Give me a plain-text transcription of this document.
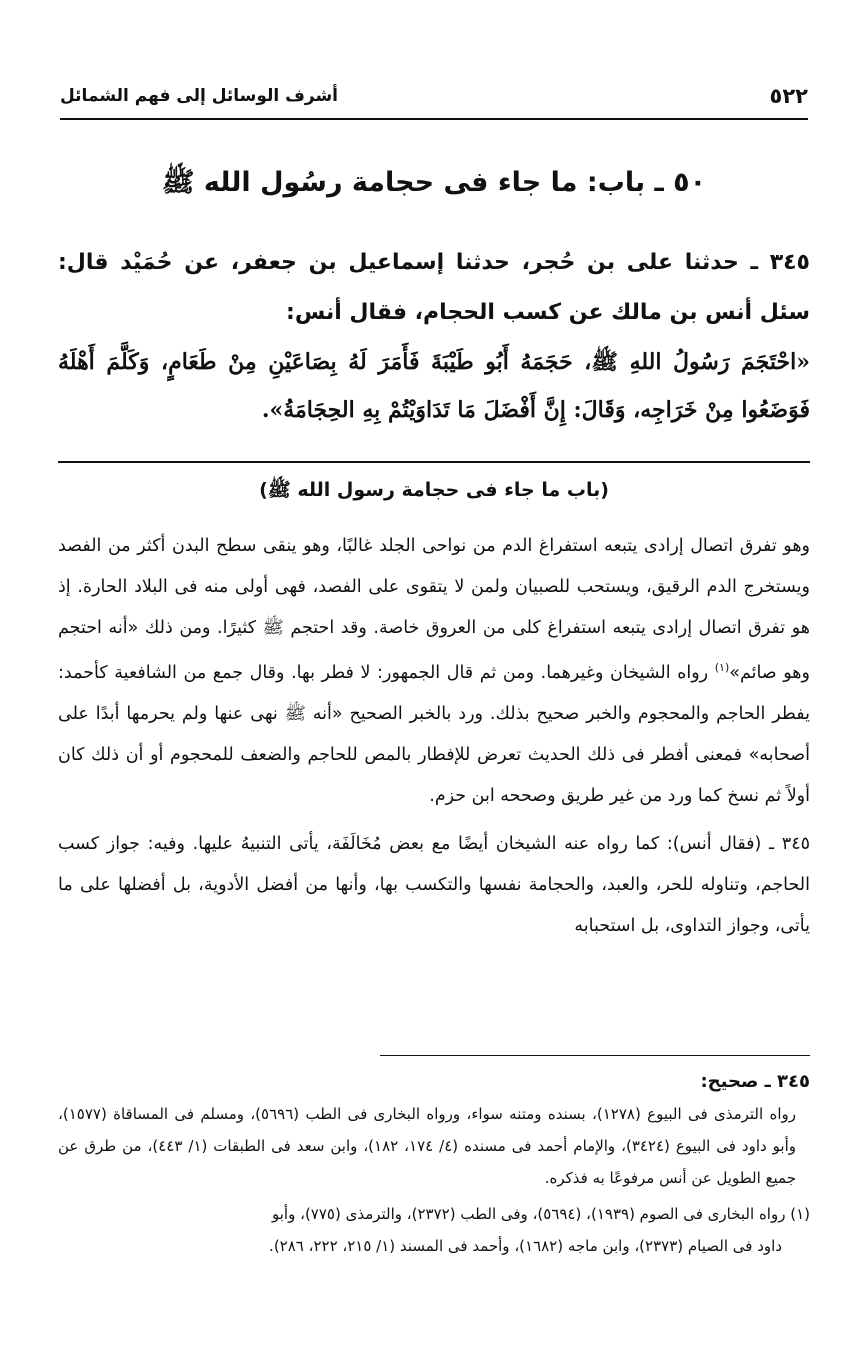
٥٢٢
أشرف الوسائل إلى فهم الشمائل
٥٠ ـ باب: ما جاء فى حجامة رسُول الله ﷺ

٣٤٥ ـ حدثنا على بن حُجر، حدثنا إسماعيل بن جعفر، عن حُمَيْد قال: سئل أنس بن مالك عن كسب الحجام، فقال أنس:

«احْتَجَمَ رَسُولُ اللهِ ﷺ، حَجَمَهُ أَبُو طَيْبَةَ فَأَمَرَ لَهُ بِصَاعَيْنِ مِنْ طَعَامٍ، وَكَلَّمَ أَهْلَهُ فَوَضَعُوا مِنْ خَرَاجِه، وَقَالَ: إِنَّ أَفْضَلَ مَا تَدَاوَيْتُمْ بِهِ الحِجَامَةُ».

(باب ما جاء فى حجامة رسول الله ﷺ)

وهو تفرق اتصال إرادى يتبعه استفراغ الدم من نواحى الجلد غالبًا، وهو ينقى سطح البدن أكثر من الفصد ويستخرج الدم الرقيق، ويستحب للصبيان ولمن لا يتقوى على الفصد، فهى أولى منه فى البلاد الحارة. إذ هو تفرق اتصال إرادى يتبعه استفراغ كلى من العروق خاصة. وقد احتجم ﷺ كثيرًا. ومن ذلك «أنه احتجم وهو صائم»$^{(١)}$ رواه الشيخان وغيرهما. ومن ثم قال الجمهور: لا فطر بها. وقال جمع من الشافعية كأحمد: يفطر الحاجم والمحجوم والخبر صحيح بذلك. ورد بالخبر الصحيح «أنه ﷺ نهى عنها ولم يحرمها أبدًا على أصحابه» فمعنى أفطر فى ذلك الحديث تعرض للإفطار بالمص للحاجم والضعف للمحجوم أو أن ذلك كان أولاً ثم نسخ كما ورد من غير طريق وصححه ابن حزم.

٣٤٥ ـ (فقال أنس): كما رواه عنه الشيخان أيضًا مع بعض مُخَالَفَة، يأتى التنبيهُ عليها. وفيه: جواز كسب الحاجم، وتناوله للحر، والعبد، والحجامة نفسها والتكسب بها، وأنها من أفضل الأدوية، بل أفضلها على ما يأتى، وجواز التداوى، بل استحبابه

٣٤٥ ـ صحيح:

رواه الترمذى فى البيوع (١٢٧٨)، بسنده ومتنه سواء، ورواه البخارى فى الطب (٥٦٩٦)، ومسلم فى المساقاة (١٥٧٧)، وأبو داود فى البيوع (٣٤٢٤)، والإمام أحمد فى مسنده (٤/ ١٧٤، ١٨٢)، وابن سعد فى الطبقات (١/ ٤٤٣)، من طرق عن جميع الطويل عن أنس مرفوعًا به فذكره.

(١) رواه البخارى فى الصوم (١٩٣٩)، (٥٦٩٤)، وفى الطب (٢٣٧٢)، والترمذى (٧٧٥)، وأبو

داود فى الصيام (٢٣٧٣)، وابن ماجه (١٦٨٢)، وأحمد فى المسند (١/ ٢١٥، ٢٢٢، ٢٨٦).
